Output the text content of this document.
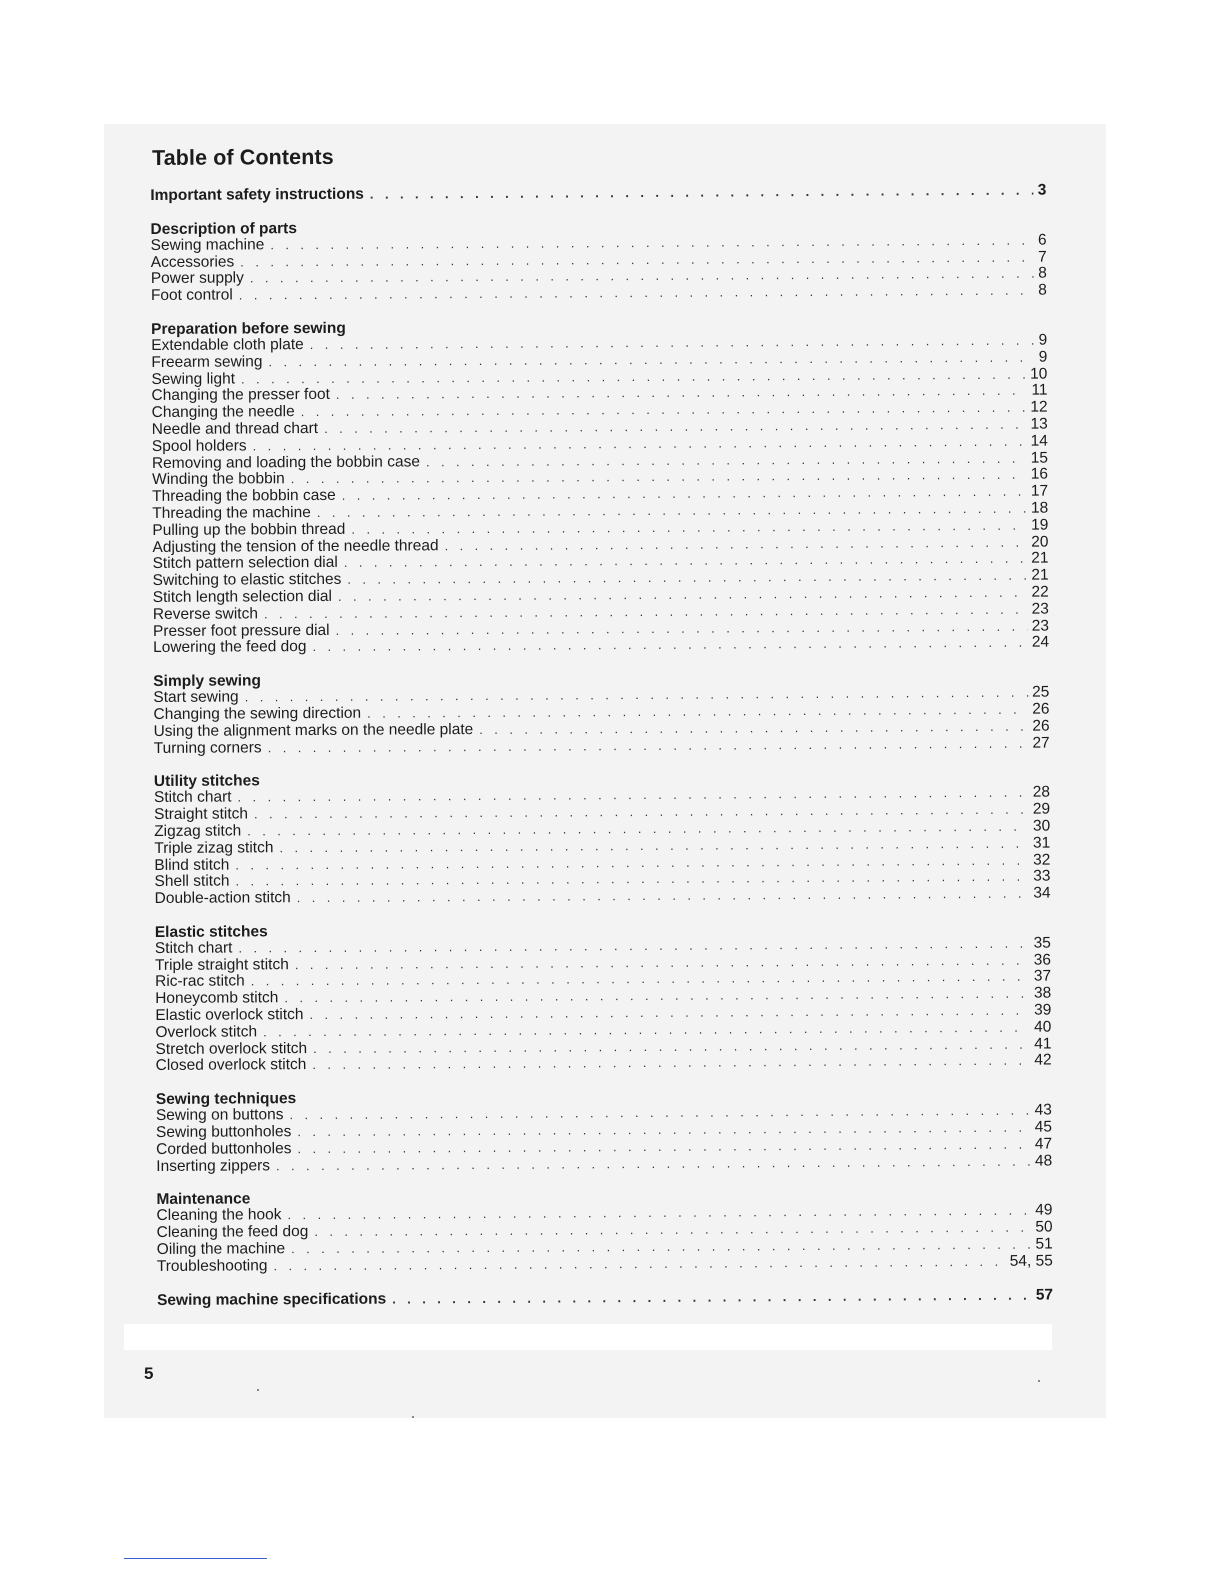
Table of Contents
Important safety instructions . . .	3
Description of parts
Sewing machine . . .	6
Accessories . . .	7
Power supply . . .	8
Foot control . . .	8
Preparation before sewing
Extendable cloth plate . . .	9
Freearm sewing . . .	9
Sewing light . . .	10
Changing the presser foot . . .	11
Changing the needle . . .	12
Needle and thread chart . . .	13
Spool holders . . .	14
Removing and loading the bobbin case . . .	15
Winding the bobbin . . .	16
Threading the bobbin case . . .	17
Threading the machine . . .	18
Pulling up the bobbin thread . . .	19
Adjusting the tension of the needle thread . . .	20
Stitch pattern selection dial . . .	21
Switching to elastic stitches . . .	21
Stitch length selection dial . . .	22
Reverse switch . . .	23
Presser foot pressure dial . . .	23
Lowering the feed dog . . .	24
Simply sewing
Start sewing . . .	25
Changing the sewing direction . . .	26
Using the alignment marks on the needle plate . . .	26
Turning corners . . .	27
Utility stitches
Stitch chart . . .	28
Straight stitch . . .	29
Zigzag stitch . . .	30
Triple zizag stitch . . .	31
Blind stitch . . .	32
Shell stitch . . .	33
Double-action stitch . . .	34
Elastic stitches
Stitch chart . . .	35
Triple straight stitch . . .	36
Ric-rac stitch . . .	37
Honeycomb stitch . . .	38
Elastic overlock stitch . . .	39
Overlock stitch . . .	40
Stretch overlock stitch . . .	41
Closed overlock stitch . . .	42
Sewing techniques
Sewing on buttons . . .	43
Sewing buttonholes . . .	45
Corded buttonholes . . .	47
Inserting zippers . . .	48
Maintenance
Cleaning the hook . . .	49
Cleaning the feed dog . . .	50
Oiling the machine . . .	51
Troubleshooting . . .	54, 55
Sewing machine specifications . . .	57
5
